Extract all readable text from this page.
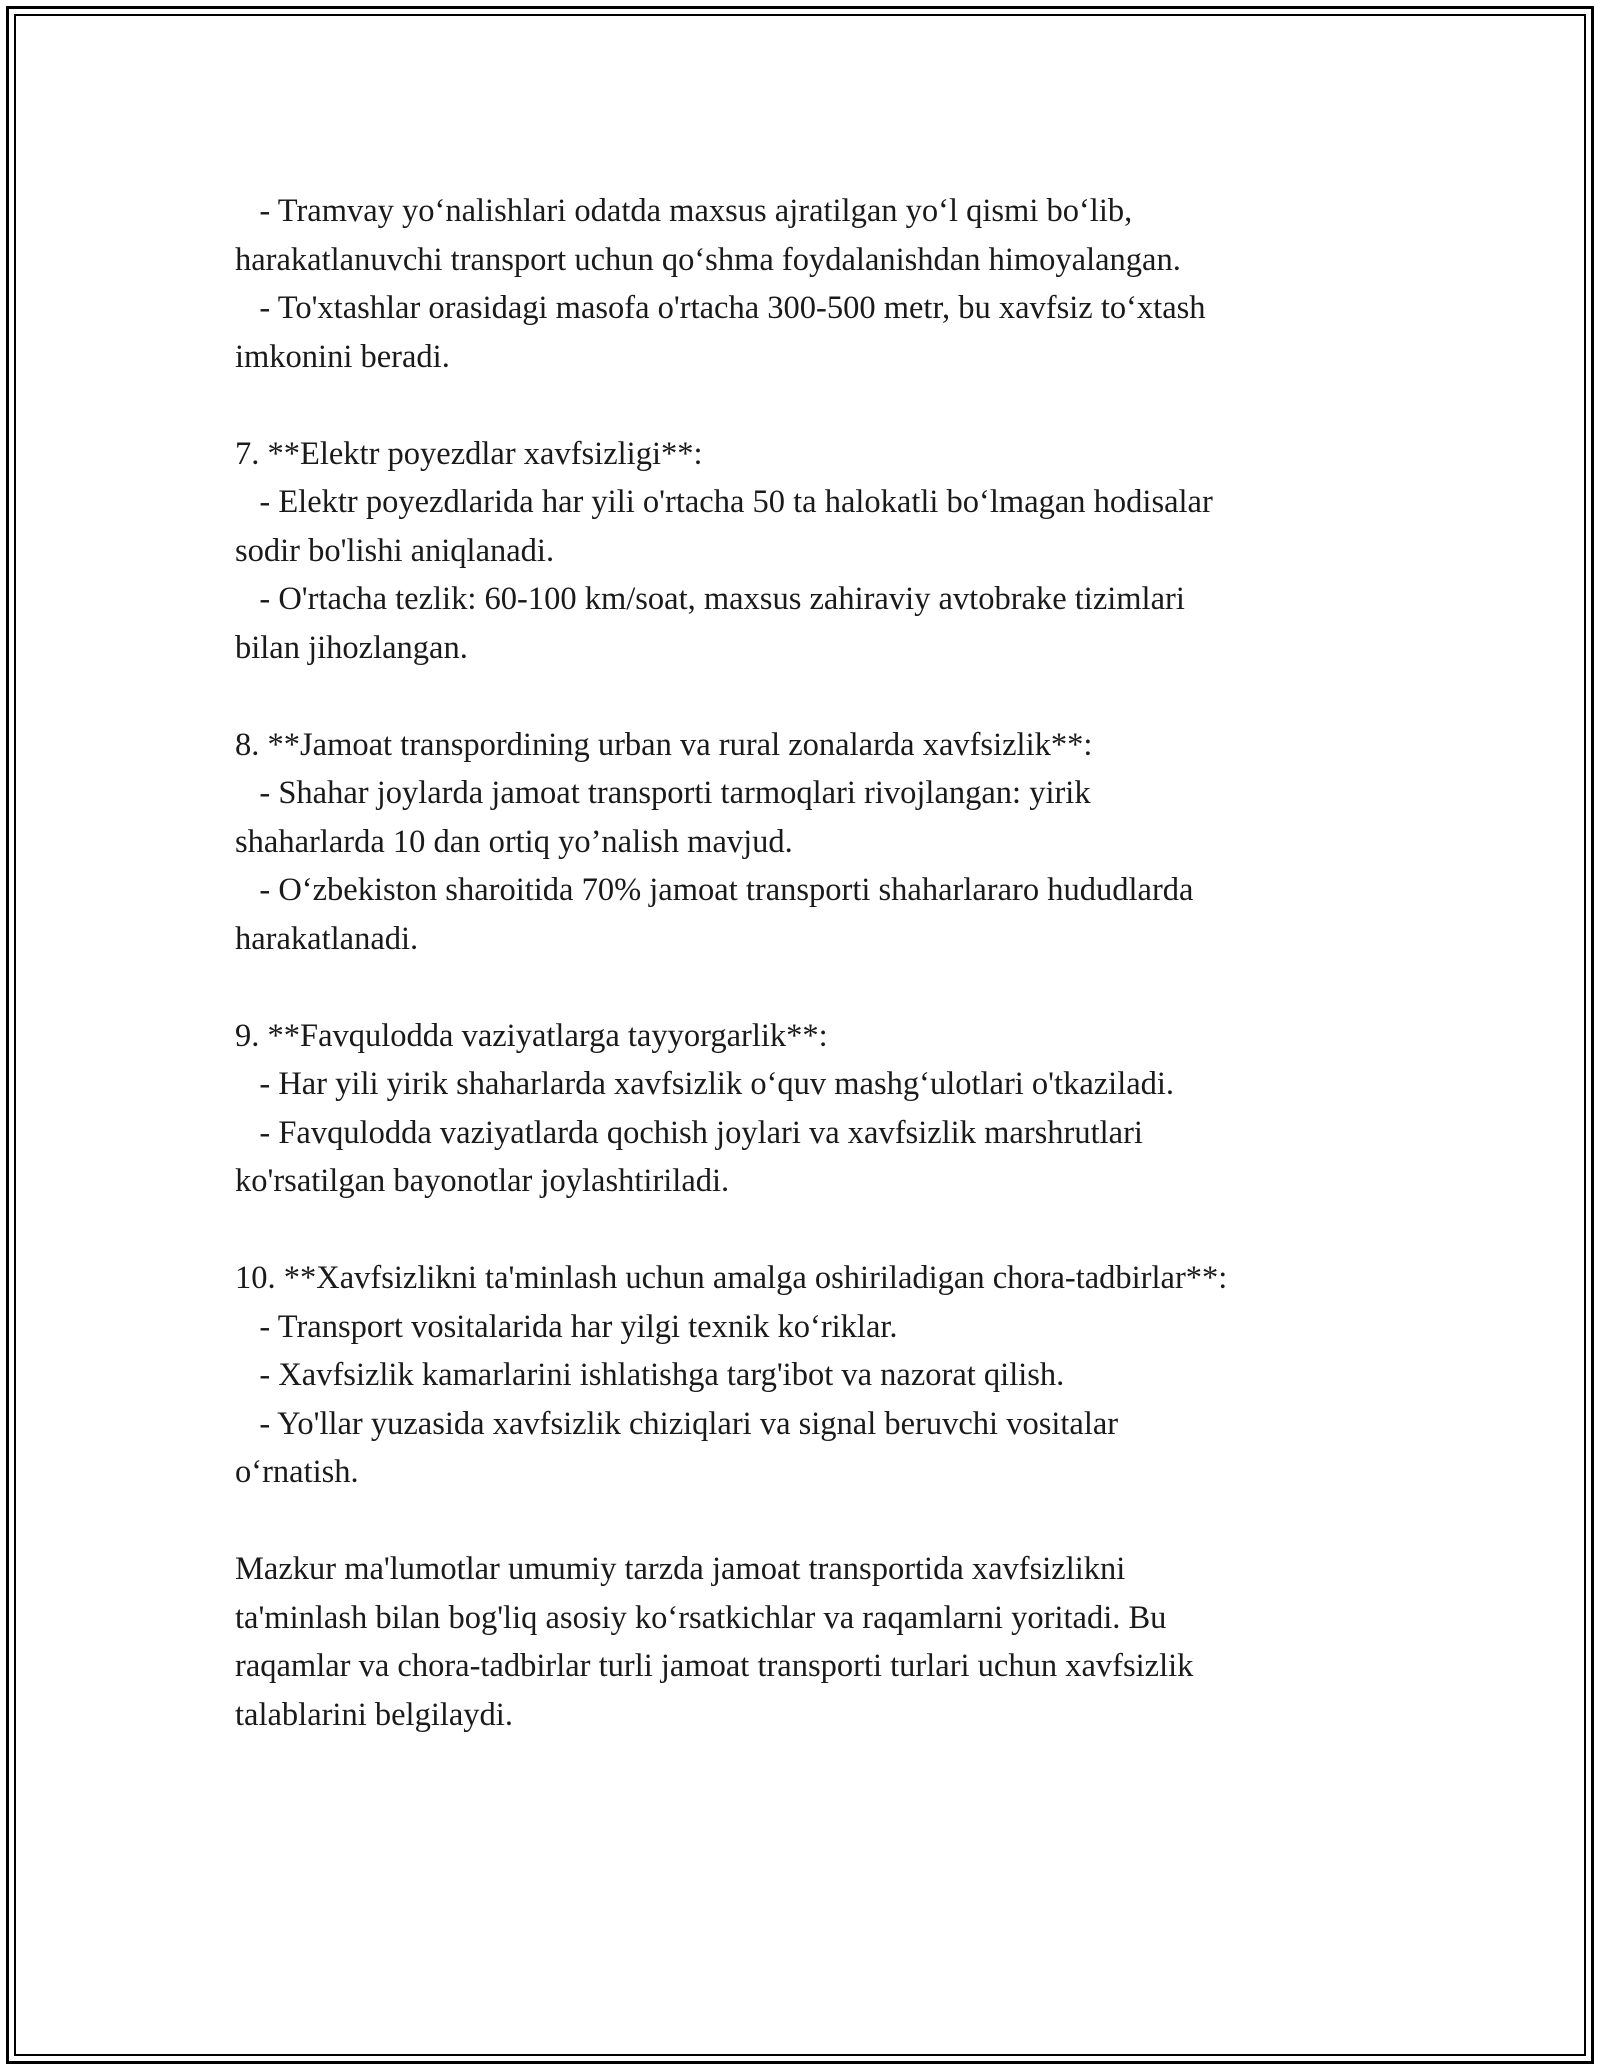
- Tramvay yo‘nalishlari odatda maxsus ajratilgan yo‘l qismi bo‘lib,
harakatlanuvchi transport uchun qo‘shma foydalanishdan himoyalangan.
- To'xtashlar orasidagi masofa o'rtacha 300-500 metr, bu xavfsiz to‘xtash
imkonini beradi.
7. **Elektr poyezdlar xavfsizligi**:
- Elektr poyezdlarida har yili o'rtacha 50 ta halokatli bo‘lmagan hodisalar
sodir bo'lishi aniqlanadi.
- O'rtacha tezlik: 60-100 km/soat, maxsus zahiraviy avtobrake tizimlari
bilan jihozlangan.
8. **Jamoat transpordining urban va rural zonalarda xavfsizlik**:
- Shahar joylarda jamoat transporti tarmoqlari rivojlangan: yirik
shaharlarda 10 dan ortiq yo’nalish mavjud.
- O‘zbekiston sharoitida 70% jamoat transporti shaharlararo hududlarda
harakatlanadi.
9. **Favqulodda vaziyatlarga tayyorgarlik**:
- Har yili yirik shaharlarda xavfsizlik o‘quv mashg‘ulotlari o'tkaziladi.
- Favqulodda vaziyatlarda qochish joylari va xavfsizlik marshrutlari
ko'rsatilgan bayonotlar joylashtiriladi.
10. **Xavfsizlikni ta'minlash uchun amalga oshiriladigan chora-tadbirlar**:
- Transport vositalarida har yilgi texnik ko‘riklar.
- Xavfsizlik kamarlarini ishlatishga targ'ibot va nazorat qilish.
- Yo'llar yuzasida xavfsizlik chiziqlari va signal beruvchi vositalar
o‘rnatish.
Mazkur ma'lumotlar umumiy tarzda jamoat transportida xavfsizlikni
ta'minlash bilan bog'liq asosiy ko‘rsatkichlar va raqamlarni yoritadi. Bu
raqamlar va chora-tadbirlar turli jamoat transporti turlari uchun xavfsizlik
talablarini belgilaydi.
